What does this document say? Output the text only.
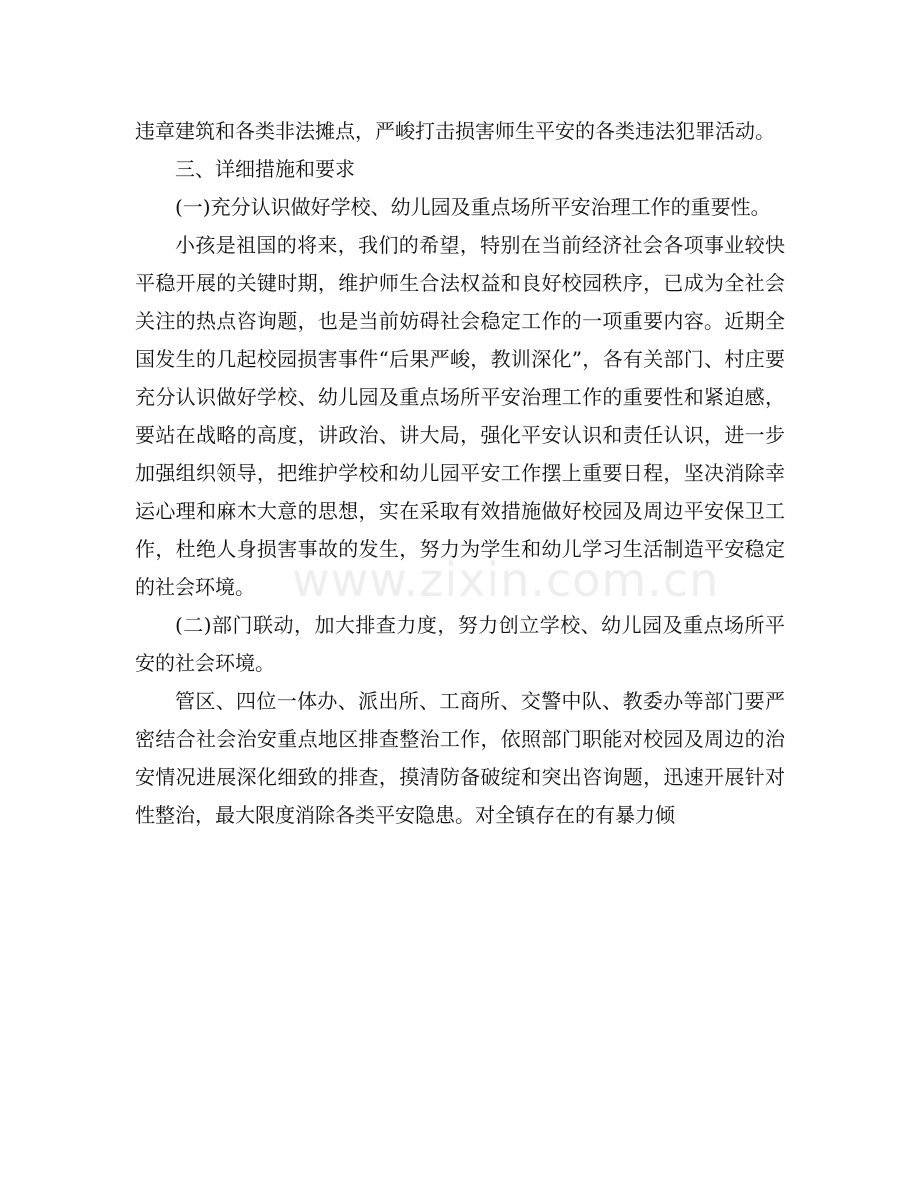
违章建筑和各类非法摊点，严峻打击损害师生平安的各类违法犯罪活动。

三、详细措施和要求

(一)充分认识做好学校、幼儿园及重点场所平安治理工作的重要性。

小孩是祖国的将来，我们的希望，特别在当前经济社会各项事业较快平稳开展的关键时期，维护师生合法权益和良好校园秩序，已成为全社会关注的热点咨询题，也是当前妨碍社会稳定工作的一项重要内容。近期全国发生的几起校园损害事件“后果严峻，教训深化”，各有关部门、村庄要充分认识做好学校、幼儿园及重点场所平安治理工作的重要性和紧迫感，要站在战略的高度，讲政治、讲大局，强化平安认识和责任认识，进一步加强组织领导，把维护学校和幼儿园平安工作摆上重要日程，坚决消除幸运心理和麻木大意的思想，实在采取有效措施做好校园及周边平安保卫工作，杜绝人身损害事故的发生，努力为学生和幼儿学习生活制造平安稳定的社会环境。

(二)部门联动，加大排查力度，努力创立学校、幼儿园及重点场所平安的社会环境。

管区、四位一体办、派出所、工商所、交警中队、教委办等部门要严密结合社会治安重点地区排查整治工作，依照部门职能对校园及周边的治安情况进展深化细致的排查，摸清防备破绽和突出咨询题，迅速开展针对性整治，最大限度消除各类平安隐患。对全镇存在的有暴力倾

www.zixin.com.cn
